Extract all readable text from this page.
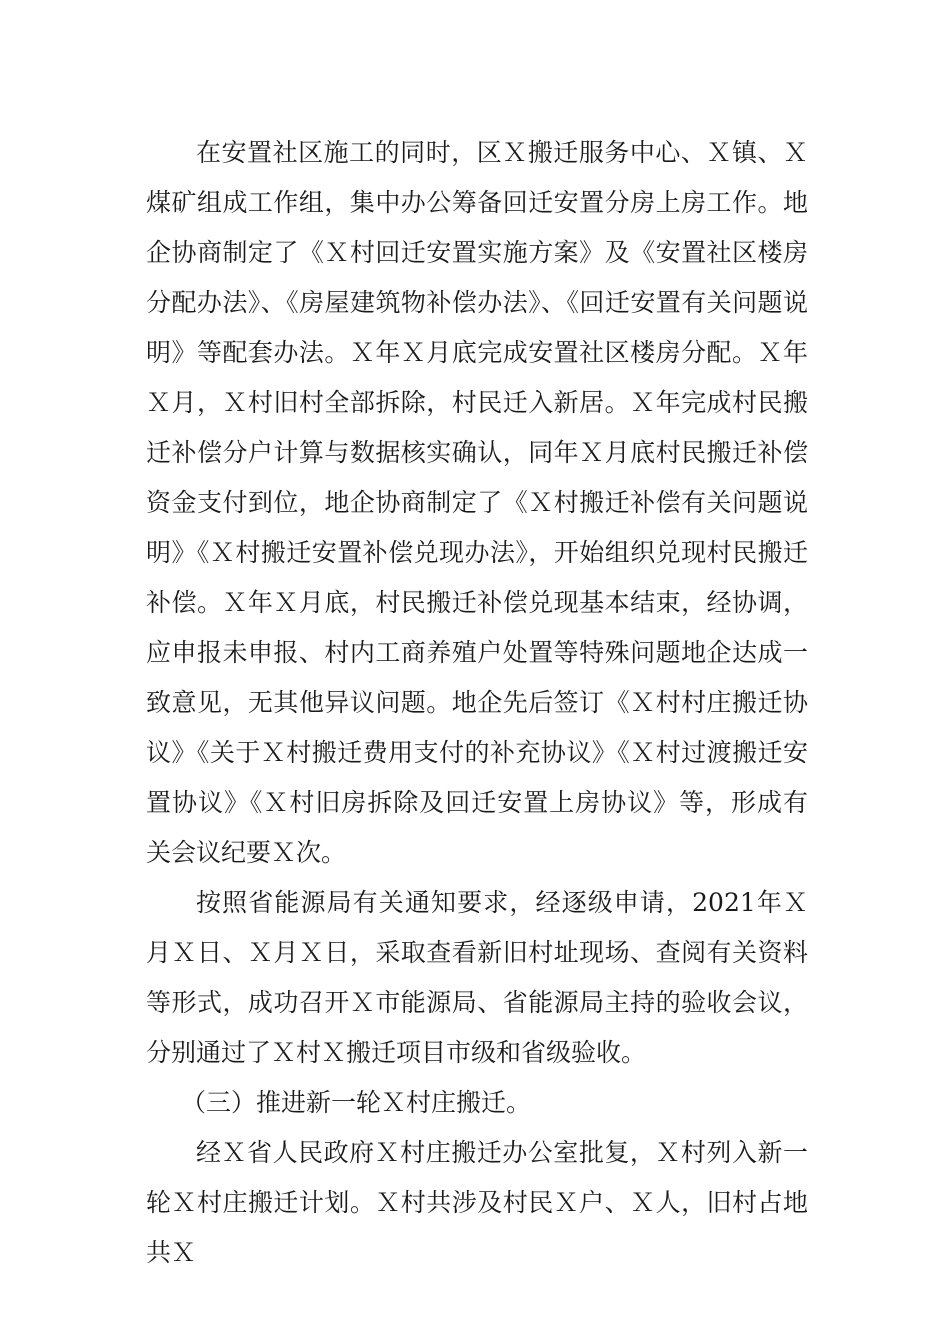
在安置社区施工的同时，区Ｘ搬迁服务中心、Ｘ镇、Ｘ煤矿组成工作组，集中办公筹备回迁安置分房上房工作。地企协商制定了《Ｘ村回迁安置实施方案》及《安置社区楼房分配办法》、《房屋建筑物补偿办法》、《回迁安置有关问题说明》等配套办法。Ｘ年Ｘ月底完成安置社区楼房分配。Ｘ年Ｘ月，Ｘ村旧村全部拆除，村民迁入新居。Ｘ年完成村民搬迁补偿分户计算与数据核实确认，同年Ｘ月底村民搬迁补偿资金支付到位，地企协商制定了《Ｘ村搬迁补偿有关问题说明》《Ｘ村搬迁安置补偿兑现办法》，开始组织兑现村民搬迁补偿。Ｘ年Ｘ月底，村民搬迁补偿兑现基本结束，经协调，应申报未申报、村内工商养殖户处置等特殊问题地企达成一致意见，无其他异议问题。地企先后签订《Ｘ村村庄搬迁协议》《关于Ｘ村搬迁费用支付的补充协议》《Ｘ村过渡搬迁安置协议》《Ｘ村旧房拆除及回迁安置上房协议》等，形成有关会议纪要Ｘ次。

按照省能源局有关通知要求，经逐级申请，2021年Ｘ月Ｘ日、Ｘ月Ｘ日，采取查看新旧村址现场、查阅有关资料等形式，成功召开Ｘ市能源局、省能源局主持的验收会议，分别通过了Ｘ村Ｘ搬迁项目市级和省级验收。

（三）推进新一轮Ｘ村庄搬迁。

经Ｘ省人民政府Ｘ村庄搬迁办公室批复，Ｘ村列入新一轮Ｘ村庄搬迁计划。Ｘ村共涉及村民Ｘ户、Ｘ人，旧村占地共Ｘ
